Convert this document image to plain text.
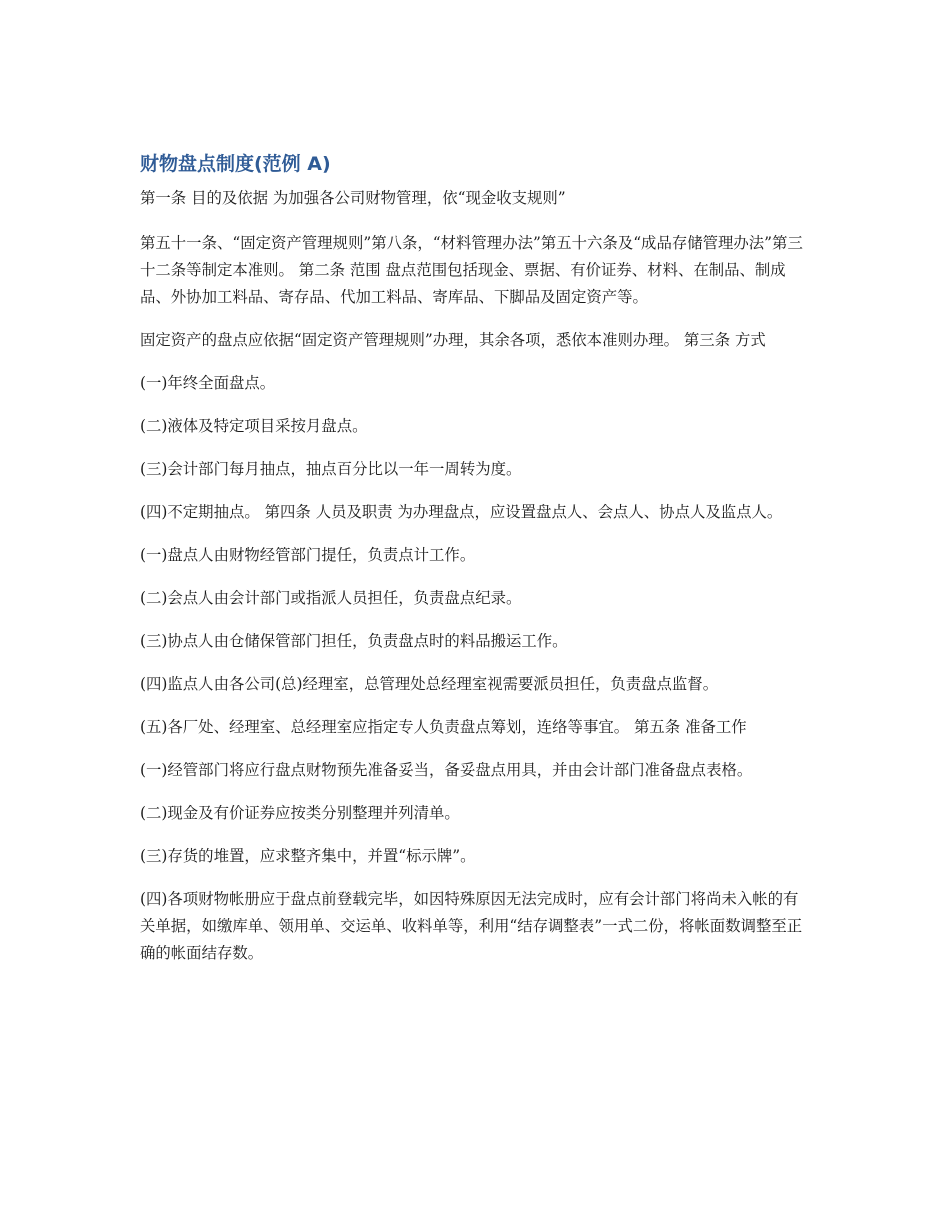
财物盘点制度(范例 A)

第一条 目的及依据 为加强各公司财物管理，依“现金收支规则”

第五十一条、“固定资产管理规则”第八条，“材料管理办法”第五十六条及“成品存储管理办法”第三十二条等制定本准则。 第二条 范围 盘点范围包括现金、票据、有价证券、材料、在制品、制成品、外协加工料品、寄存品、代加工料品、寄库品、下脚品及固定资产等。

固定资产的盘点应依据“固定资产管理规则”办理，其余各项，悉依本准则办理。 第三条 方式

(一)年终全面盘点。

(二)液体及特定项目采按月盘点。

(三)会计部门每月抽点，抽点百分比以一年一周转为度。

(四)不定期抽点。 第四条 人员及职责 为办理盘点，应设置盘点人、会点人、协点人及监点人。

(一)盘点人由财物经管部门提任，负责点计工作。

(二)会点人由会计部门或指派人员担任，负责盘点纪录。

(三)协点人由仓储保管部门担任，负责盘点时的料品搬运工作。

(四)监点人由各公司(总)经理室，总管理处总经理室视需要派员担任，负责盘点监督。

(五)各厂处、经理室、总经理室应指定专人负责盘点筹划，连络等事宜。 第五条 准备工作

(一)经管部门将应行盘点财物预先准备妥当，备妥盘点用具，并由会计部门准备盘点表格。

(二)现金及有价证券应按类分别整理并列清单。

(三)存货的堆置，应求整齐集中，并置“标示牌”。

(四)各项财物帐册应于盘点前登载完毕，如因特殊原因无法完成时，应有会计部门将尚未入帐的有关单据，如缴库单、领用单、交运单、收料单等，利用“结存调整表”一式二份，将帐面数调整至正确的帐面结存数。
